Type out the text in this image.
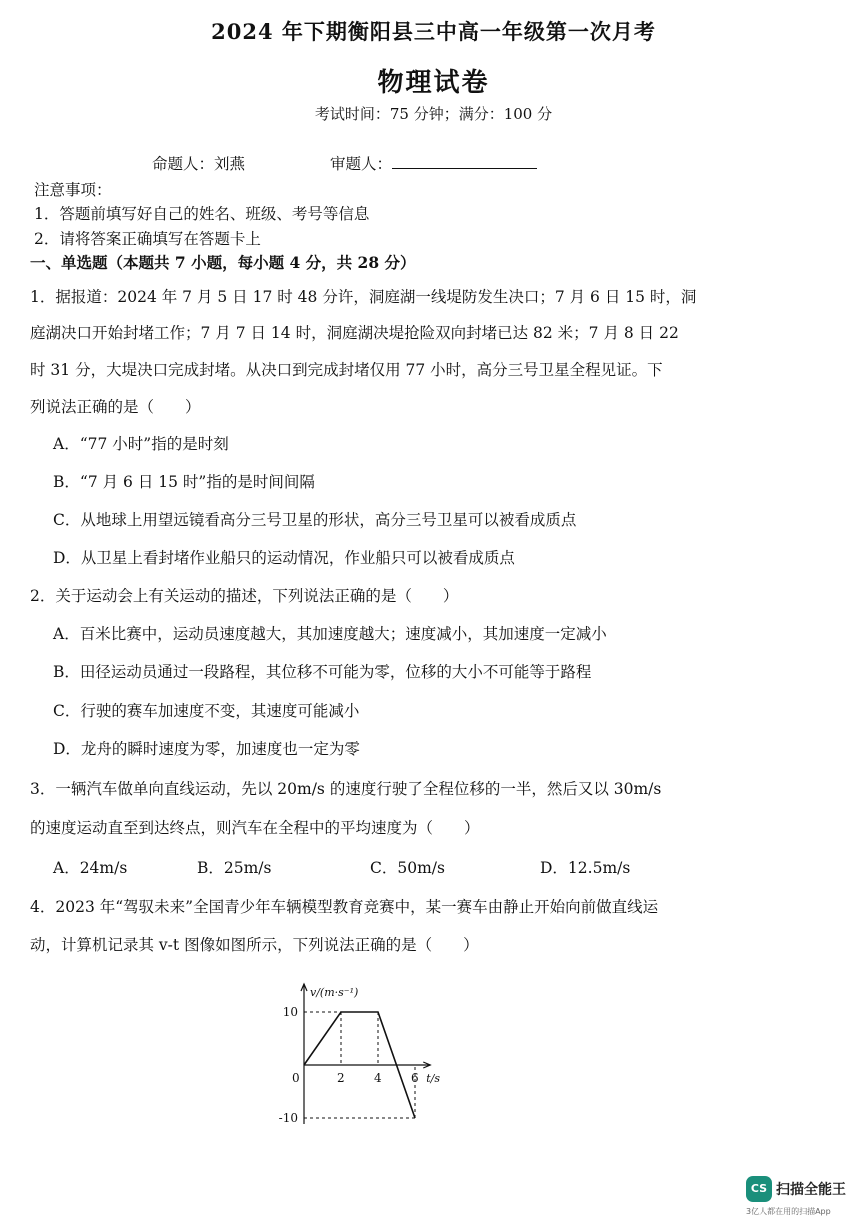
2024 年下期衡阳县三中高一年级第一次月考
物理试卷
考试时间：75 分钟；满分：100 分
命题人：刘燕	审题人：
注意事项：
1．答题前填写好自己的姓名、班级、考号等信息
2．请将答案正确填写在答题卡上
一、单选题（本题共 7 小题，每小题 4 分，共 28 分）
1．据报道：2024 年 7 月 5 日 17 时 48 分许，洞庭湖一线堤防发生决口；7 月 6 日 15 时，洞
庭湖决口开始封堵工作；7 月 7 日 14 时，洞庭湖决堤抢险双向封堵已达 82 米；7 月 8 日 22
时 31 分，大堤决口完成封堵。从决口到完成封堵仅用 77 小时，高分三号卫星全程见证。下
列说法正确的是（　　）
A．“77 小时”指的是时刻
B．“7 月 6 日 15 时”指的是时间间隔
C．从地球上用望远镜看高分三号卫星的形状，高分三号卫星可以被看成质点
D．从卫星上看封堵作业船只的运动情况，作业船只可以被看成质点
2．关于运动会上有关运动的描述，下列说法正确的是（　　）
A．百米比赛中，运动员速度越大，其加速度越大；速度减小，其加速度一定减小
B．田径运动员通过一段路程，其位移不可能为零，位移的大小不可能等于路程
C．行驶的赛车加速度不变，其速度可能减小
D．龙舟的瞬时速度为零，加速度也一定为零
3．一辆汽车做单向直线运动，先以 20m/s 的速度行驶了全程位移的一半，然后又以 30m/s
的速度运动直至到达终点，则汽车在全程中的平均速度为（　　）
A．24m/s	B．25m/s	C．50m/s	D．12.5m/s
4．2023 年“驾驭未来”全国青少年车辆模型教育竞赛中，某一赛车由静止开始向前做直线运
动，计算机记录其 v-t 图像如图所示，下列说法正确的是（　　）
v/(m·s⁻¹)
t/s
0	2 4 6
10
-10
CS 扫描全能王
3亿人都在用的扫描App
